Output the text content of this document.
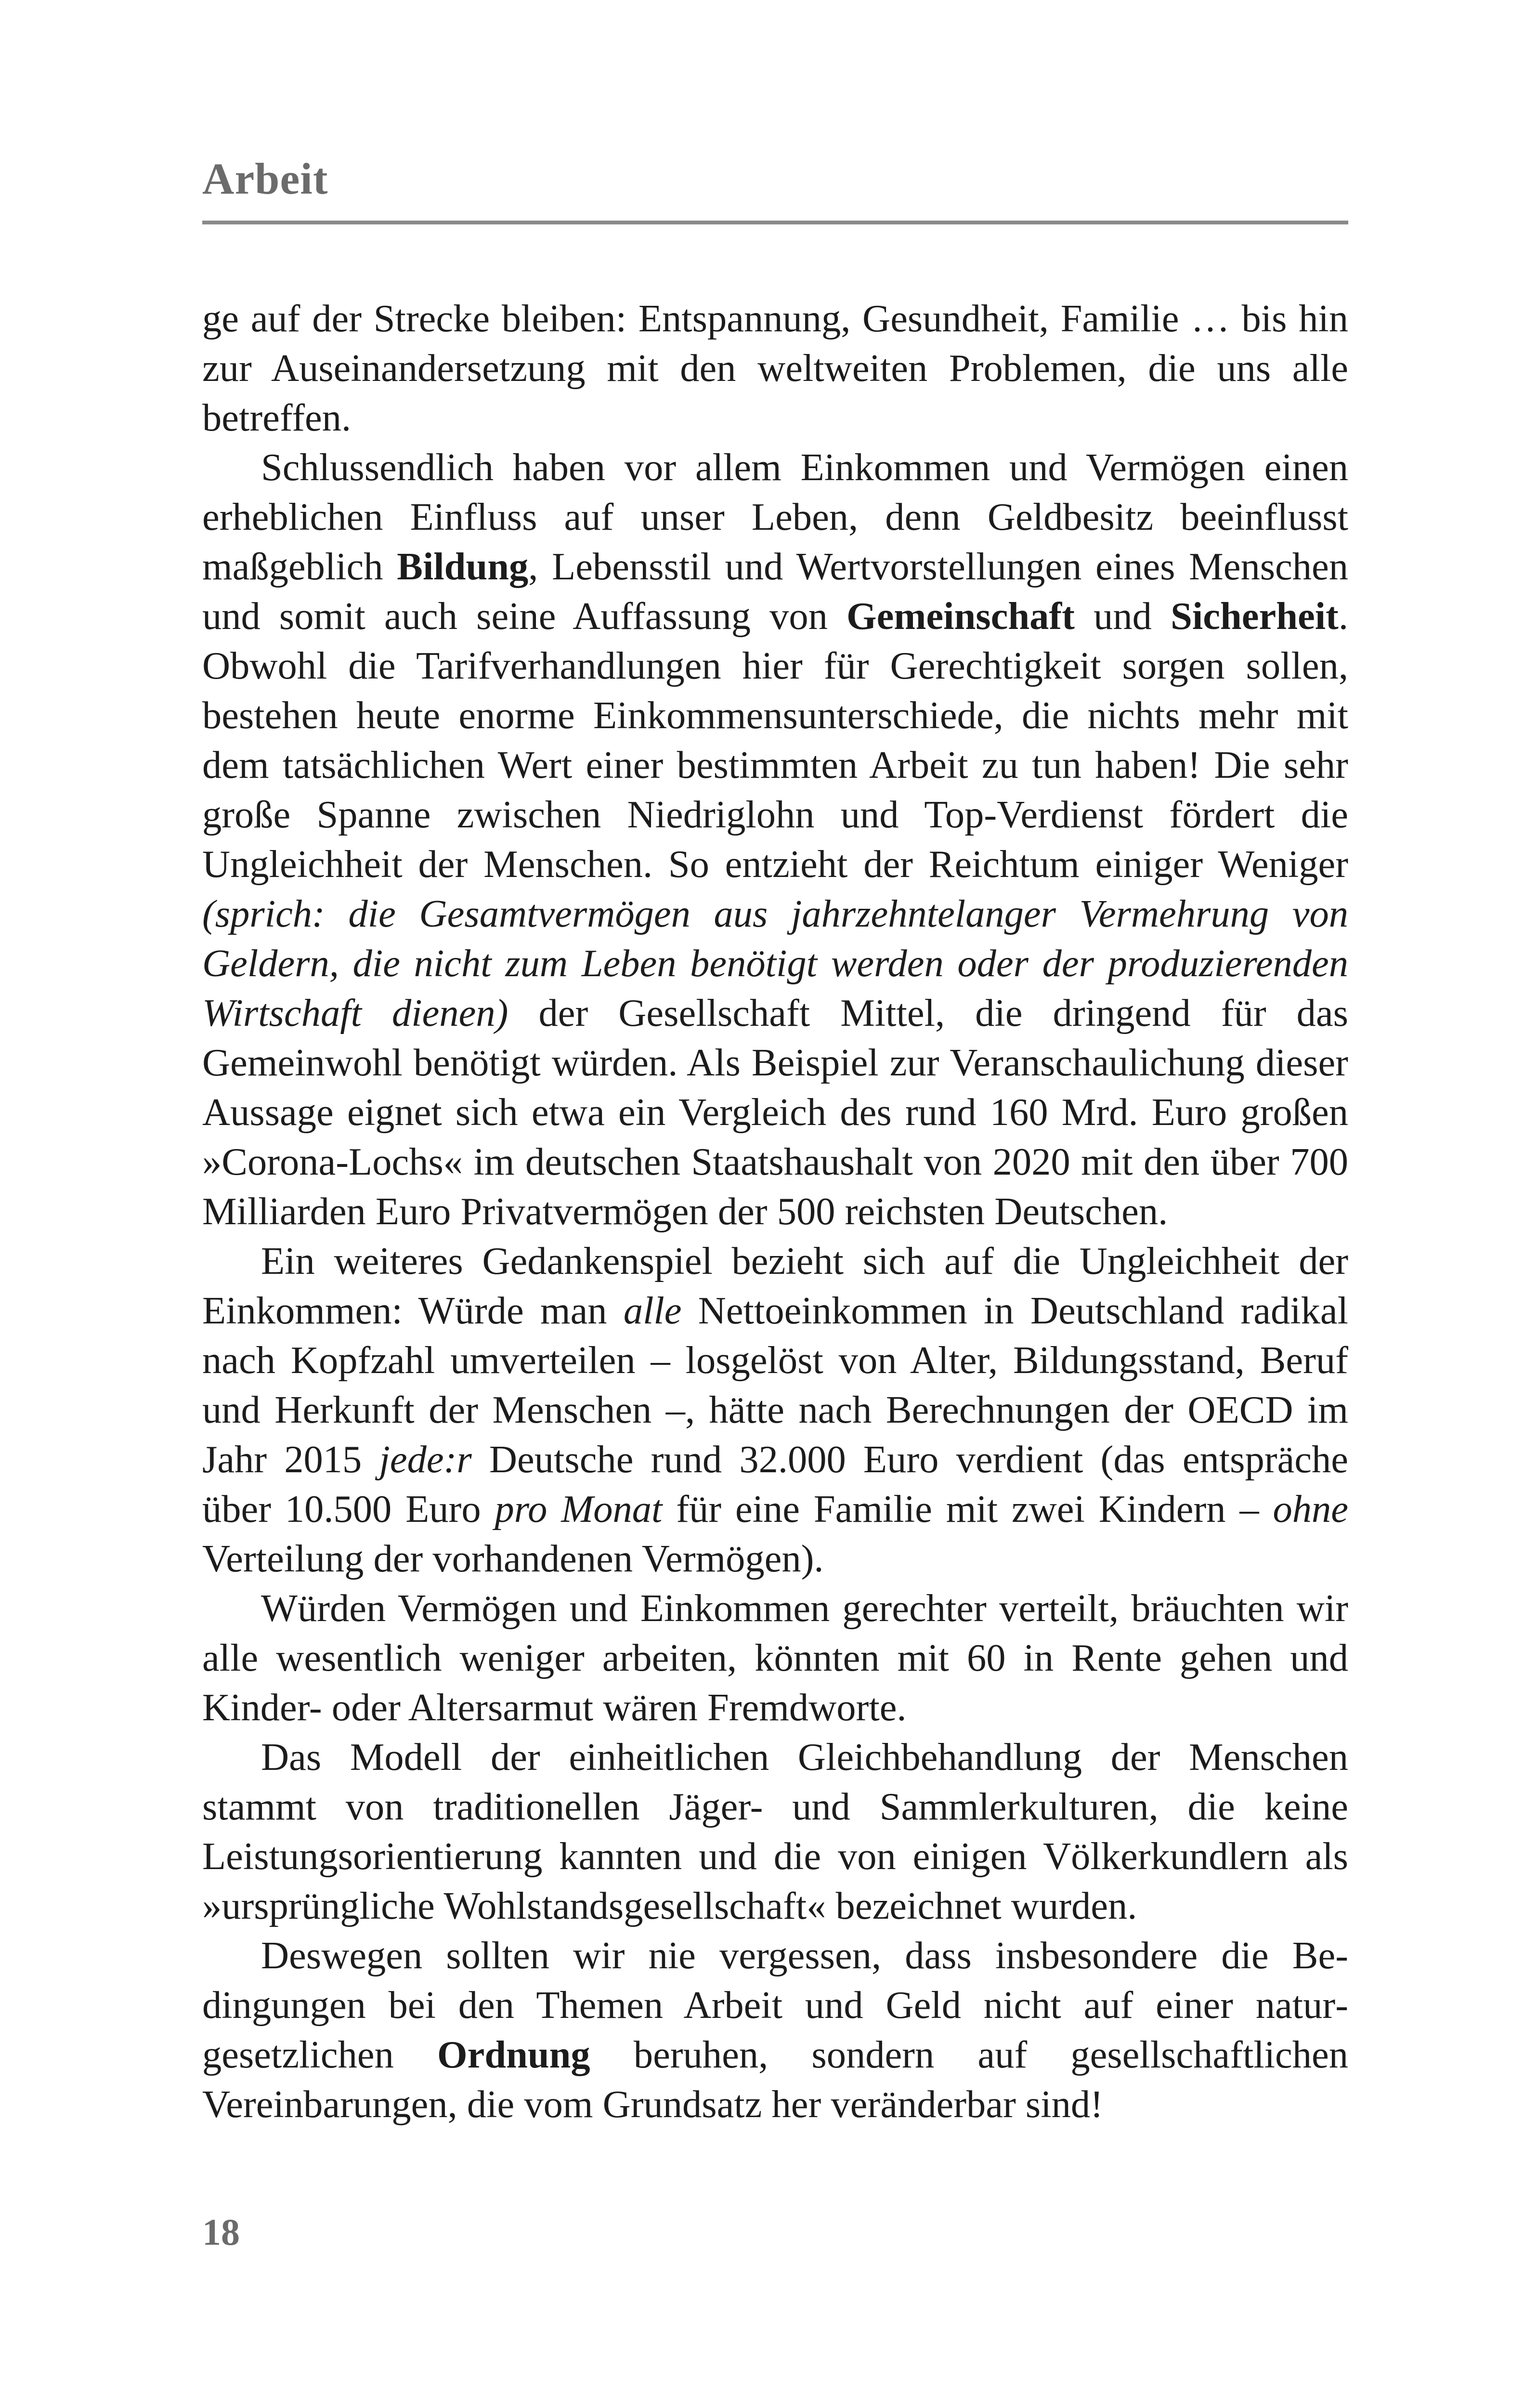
Arbeit

ge auf der Strecke bleiben: Entspannung, Gesundheit, Familie … bis hin zur Auseinandersetzung mit den weltweiten Problemen, die uns alle betreffen.

Schlussendlich haben vor allem Einkommen und Vermögen einen erheblichen Einfluss auf unser Leben, denn Geldbesitz beeinflusst maßgeblich Bildung, Lebensstil und Wertvorstellungen eines Menschen und somit auch seine Auffassung von Gemeinschaft und Sicherheit. Obwohl die Tarifverhandlungen hier für Gerechtigkeit sorgen sollen, bestehen heute enorme Einkommensunterschiede, die nichts mehr mit dem tatsächlichen Wert einer bestimmten Arbeit zu tun haben! Die sehr große Spanne zwischen Niedriglohn und Top-Verdienst fördert die Ungleichheit der Menschen. So entzieht der Reichtum einiger Weniger (sprich: die Gesamtvermögen aus jahrzehntelanger Vermehrung von Geldern, die nicht zum Leben benötigt werden oder der produzierenden Wirtschaft dienen) der Gesellschaft Mittel, die dringend für das Gemeinwohl benötigt würden. Als Beispiel zur Veranschaulichung dieser Aussage eignet sich etwa ein Vergleich des rund 160 Mrd. Euro großen »Corona-Lochs« im deutschen Staatshaushalt von 2020 mit den über 700 Milliarden Euro Privatvermögen der 500 reichsten Deutschen.

Ein weiteres Gedankenspiel bezieht sich auf die Ungleichheit der Einkommen: Würde man alle Nettoeinkommen in Deutschland radikal nach Kopfzahl umverteilen – losgelöst von Alter, Bildungsstand, Beruf und Herkunft der Menschen –, hätte nach Berechnungen der OECD im Jahr 2015 jede:r Deutsche rund 32.000 Euro verdient (das entspräche über 10.500 Euro pro Monat für eine Familie mit zwei Kindern – ohne Verteilung der vorhandenen Vermögen).

Würden Vermögen und Einkommen gerechter verteilt, bräuchten wir alle wesentlich weniger arbeiten, könnten mit 60 in Rente gehen und Kinder- oder Altersarmut wären Fremdworte.

Das Modell der einheitlichen Gleichbehandlung der Menschen stammt von traditionellen Jäger- und Sammlerkulturen, die keine Leistungsorientierung kannten und die von einigen Völkerkundlern als »ursprüngliche Wohlstandsgesellschaft« bezeichnet wurden.

Deswegen sollten wir nie vergessen, dass insbesondere die Bedingungen bei den Themen Arbeit und Geld nicht auf einer naturgesetzlichen Ordnung beruhen, sondern auf gesellschaftlichen Vereinbarungen, die vom Grundsatz her veränderbar sind!

18
